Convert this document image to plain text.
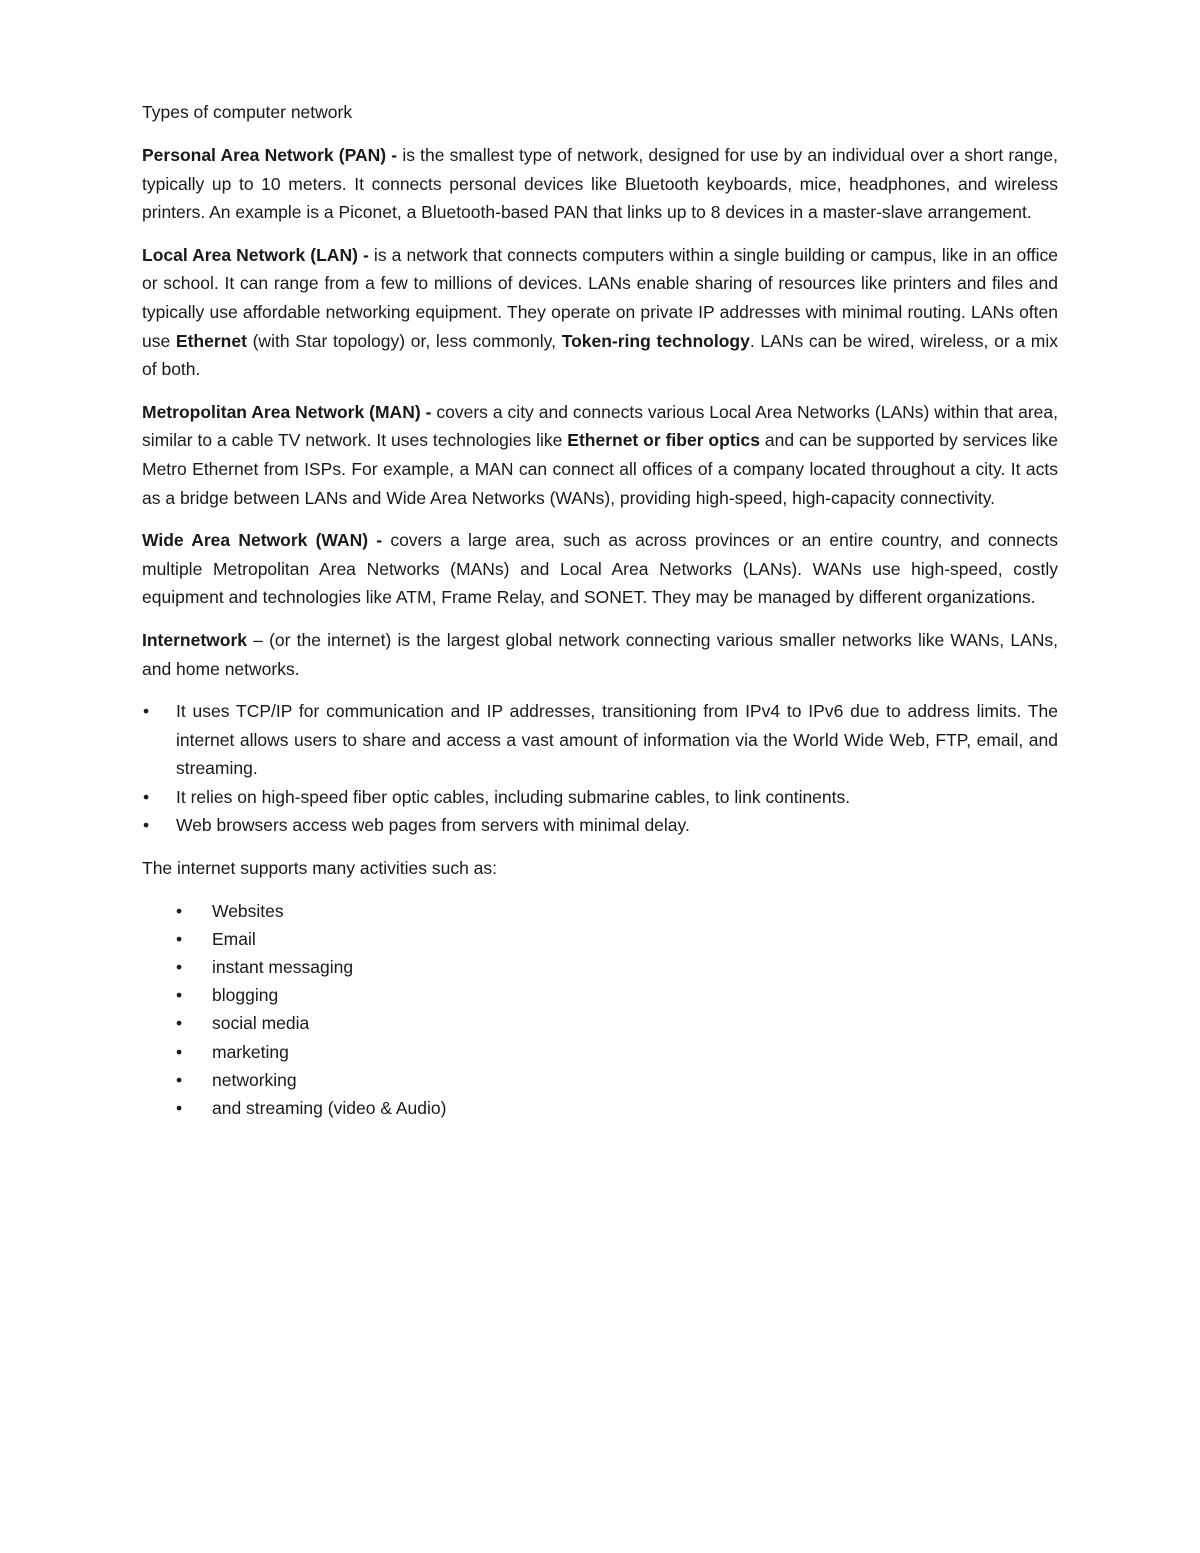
Types of computer network

Personal Area Network (PAN) - is the smallest type of network, designed for use by an individual over a short range, typically up to 10 meters. It connects personal devices like Bluetooth keyboards, mice, headphones, and wireless printers. An example is a Piconet, a Bluetooth-based PAN that links up to 8 devices in a master-slave arrangement.

Local Area Network (LAN) - is a network that connects computers within a single building or campus, like in an office or school. It can range from a few to millions of devices. LANs enable sharing of resources like printers and files and typically use affordable networking equipment. They operate on private IP addresses with minimal routing. LANs often use Ethernet (with Star topology) or, less commonly, Token-ring technology. LANs can be wired, wireless, or a mix of both.

Metropolitan Area Network (MAN) - covers a city and connects various Local Area Networks (LANs) within that area, similar to a cable TV network. It uses technologies like Ethernet or fiber optics and can be supported by services like Metro Ethernet from ISPs. For example, a MAN can connect all offices of a company located throughout a city. It acts as a bridge between LANs and Wide Area Networks (WANs), providing high-speed, high-capacity connectivity.

Wide Area Network (WAN) - covers a large area, such as across provinces or an entire country, and connects multiple Metropolitan Area Networks (MANs) and Local Area Networks (LANs). WANs use high-speed, costly equipment and technologies like ATM, Frame Relay, and SONET. They may be managed by different organizations.

Internetwork – (or the internet) is the largest global network connecting various smaller networks like WANs, LANs, and home networks.

• It uses TCP/IP for communication and IP addresses, transitioning from IPv4 to IPv6 due to address limits. The internet allows users to share and access a vast amount of information via the World Wide Web, FTP, email, and streaming.
• It relies on high-speed fiber optic cables, including submarine cables, to link continents.
• Web browsers access web pages from servers with minimal delay.
The internet supports many activities such as:
• Websites
• Email
• instant messaging
• blogging
• social media
• marketing
• networking
• and streaming (video & Audio)
